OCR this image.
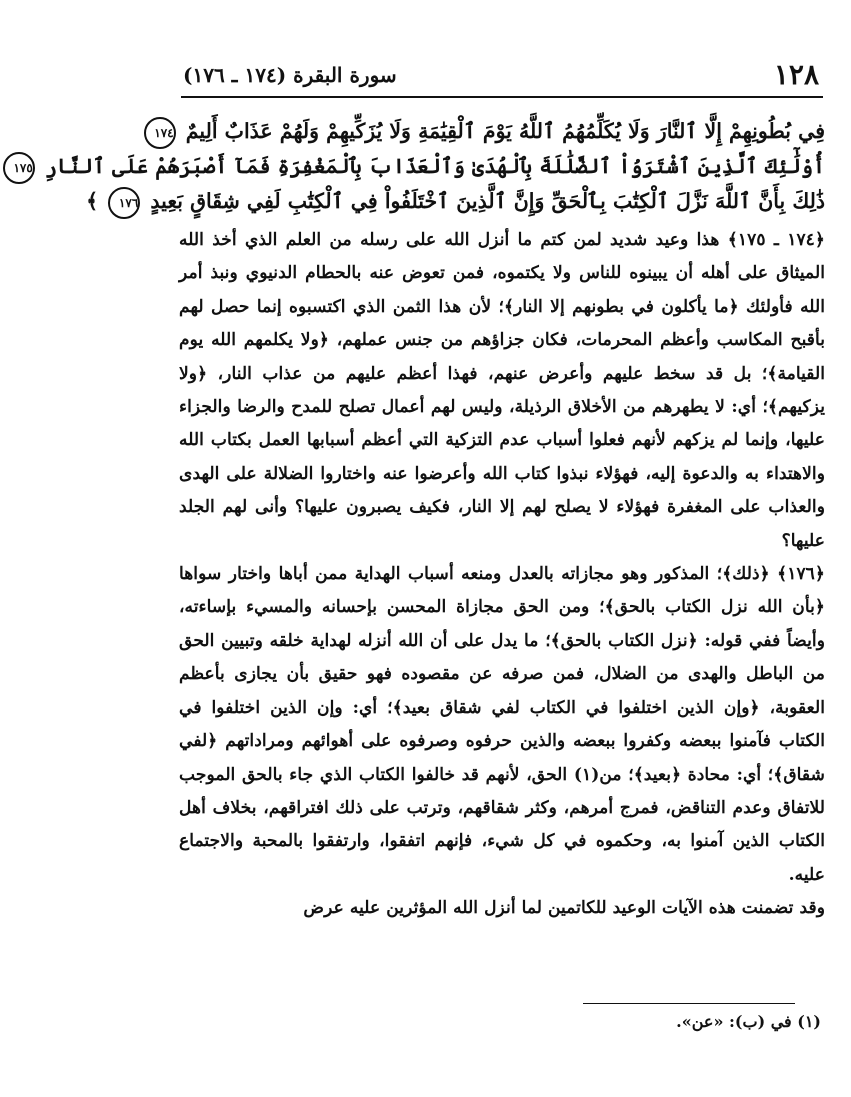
١٢٨
سورة البقرة (١٧٤ ـ ١٧٦)
فِي بُطُونِهِمْ إِلَّا ٱلنَّارَ وَلَا يُكَلِّمُهُمُ ٱللَّهُ يَوْمَ ٱلْقِيَٰمَةِ وَلَا يُزَكِّيهِمْ وَلَهُمْ عَذَابٌ أَلِيمٌ ١٧٤
أُوْلَٰٓئِكَ ٱلَّذِينَ ٱشْتَرَوُاْ ٱلضَّلَٰلَةَ بِٱلْهُدَىٰ وَٱلْعَذَابَ بِٱلْمَغْفِرَةِ فَمَآ أَصْبَرَهُمْ عَلَى ٱلنَّارِ ١٧٥
ذَٰلِكَ بِأَنَّ ٱللَّهَ نَزَّلَ ٱلْكِتَٰبَ بِٱلْحَقِّ وَإِنَّ ٱلَّذِينَ ٱخْتَلَفُواْ فِي ٱلْكِتَٰبِ لَفِي شِقَاقٍ بَعِيدٍ ١٧٦ ﴾

﴿١٧٤ ـ ١٧٥﴾ هذا وعيد شديد لمن كتم ما أنزل الله على رسله من العلم الذي أخذ الله الميثاق على أهله أن يبينوه للناس ولا يكتموه، فمن تعوض عنه بالحطام الدنيوي ونبذ أمر الله فأولئك ﴿ما يأكلون في بطونهم إلا النار﴾؛ لأن هذا الثمن الذي اكتسبوه إنما حصل لهم بأقبح المكاسب وأعظم المحرمات، فكان جزاؤهم من جنس عملهم، ﴿ولا يكلمهم الله يوم القيامة﴾؛ بل قد سخط عليهم وأعرض عنهم، فهذا أعظم عليهم من عذاب النار، ﴿ولا يزكيهم﴾؛ أي: لا يطهرهم من الأخلاق الرذيلة، وليس لهم أعمال تصلح للمدح والرضا والجزاء عليها، وإنما لم يزكهم لأنهم فعلوا أسباب عدم التزكية التي أعظم أسبابها العمل بكتاب الله والاهتداء به والدعوة إليه، فهؤلاء نبذوا كتاب الله وأعرضوا عنه واختاروا الضلالة على الهدى والعذاب على المغفرة فهؤلاء لا يصلح لهم إلا النار، فكيف يصبرون عليها؟ وأنى لهم الجلد عليها؟

﴿١٧٦﴾ ﴿ذلك﴾؛ المذكور وهو مجازاته بالعدل ومنعه أسباب الهداية ممن أباها واختار سواها ﴿بأن الله نزل الكتاب بالحق﴾؛ ومن الحق مجازاة المحسن بإحسانه والمسيء بإساءته، وأيضاً ففي قوله: ﴿نزل الكتاب بالحق﴾؛ ما يدل على أن الله أنزله لهداية خلقه وتبيين الحق من الباطل والهدى من الضلال، فمن صرفه عن مقصوده فهو حقيق بأن يجازى بأعظم العقوبة، ﴿وإن الذين اختلفوا في الكتاب لفي شقاق بعيد﴾؛ أي: وإن الذين اختلفوا في الكتاب فآمنوا ببعضه وكفروا ببعضه والذين حرفوه وصرفوه على أهوائهم ومراداتهم ﴿لفي شقاق﴾؛ أي: محادة ﴿بعيد﴾؛ من(١) الحق، لأنهم قد خالفوا الكتاب الذي جاء بالحق الموجب للاتفاق وعدم التناقض، فمرج أمرهم، وكثر شقاقهم، وترتب على ذلك افتراقهم، بخلاف أهل الكتاب الذين آمنوا به، وحكموه في كل شيء، فإنهم اتفقوا، وارتفقوا بالمحبة والاجتماع عليه.

وقد تضمنت هذه الآيات الوعيد للكاتمين لما أنزل الله المؤثرين عليه عرض

(١) في (ب): «عن».
